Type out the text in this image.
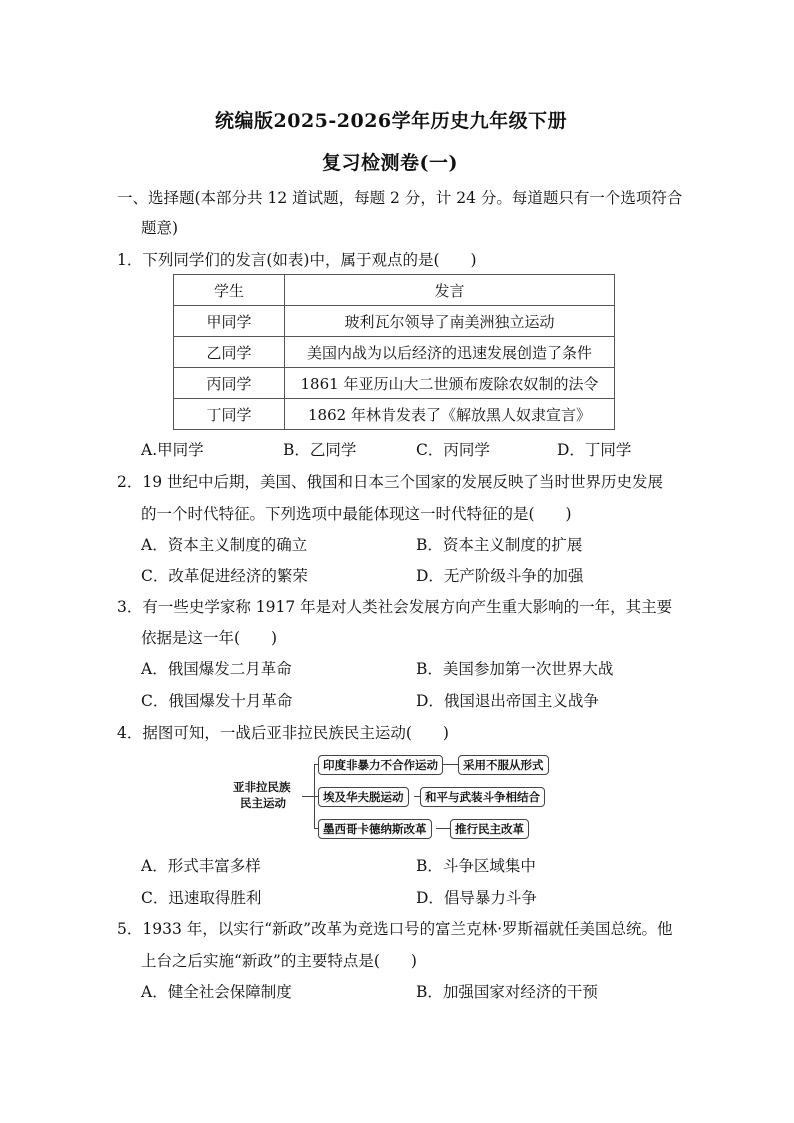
统编版2025-2026学年历史九年级下册
复习检测卷(一)
一、选择题(本部分共 12 道试题，每题 2 分，计 24 分。每道题只有一个选项符合
题意)
1．下列同学们的发言(如表)中，属于观点的是(　　)
学生	发言
甲同学	玻利瓦尔领导了南美洲独立运动
乙同学	美国内战为以后经济的迅速发展创造了条件
丙同学	1861 年亚历山大二世颁布废除农奴制的法令
丁同学	1862 年林肯发表了《解放黑人奴隶宣言》
A.甲同学	B．乙同学	C．丙同学	D．丁同学
2．19 世纪中后期，美国、俄国和日本三个国家的发展反映了当时世界历史发展
的一个时代特征。下列选项中最能体现这一时代特征的是(　　)
A．资本主义制度的确立	B．资本主义制度的扩展
C．改革促进经济的繁荣	D．无产阶级斗争的加强
3．有一些史学家称 1917 年是对人类社会发展方向产生重大影响的一年，其主要
依据是这一年(　　)
A．俄国爆发二月革命	B．美国参加第一次世界大战
C．俄国爆发十月革命	D．俄国退出帝国主义战争
4．据图可知，一战后亚非拉民族民主运动(　　)
亚非拉民族
民主运动
印度非暴力不合作运动	采用不服从形式
埃及华夫脱运动	和平与武装斗争相结合
墨西哥卡德纳斯改革	推行民主改革
A．形式丰富多样	B．斗争区域集中
C．迅速取得胜利	D．倡导暴力斗争
5．1933 年，以实行“新政”改革为竞选口号的富兰克林·罗斯福就任美国总统。他
上台之后实施“新政”的主要特点是(　　)
A．健全社会保障制度	B．加强国家对经济的干预
